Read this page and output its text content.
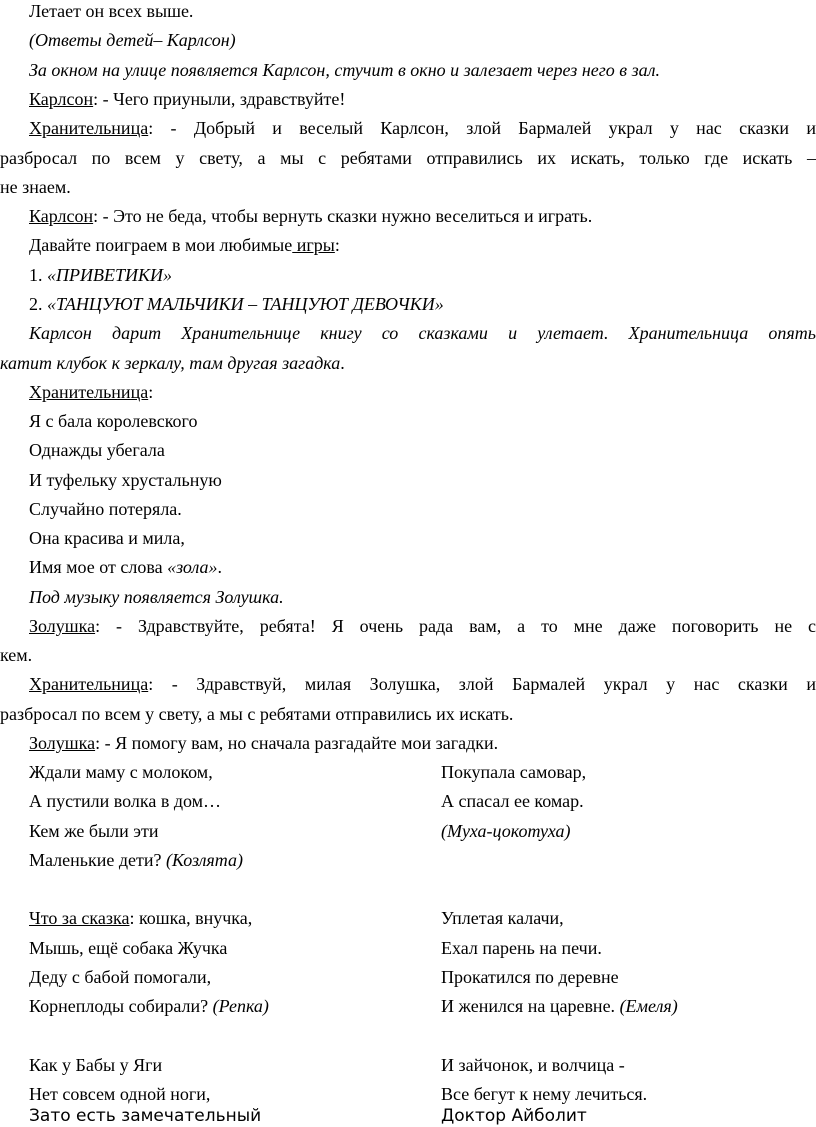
Летает он всех выше.
(Ответы детей– Карлсон)
За окном на улице появляется Карлсон, стучит в окно и залезает через него в зал.
Карлсон: - Чего приуныли, здравствуйте!
Хранительница: - Добрый и веселый Карлсон, злой Бармалей украл у нас сказки и
разбросал по всем у свету, а мы с ребятами отправились их искать, только где искать –
не знаем.
Карлсон: - Это не беда, чтобы вернуть сказки нужно веселиться и играть.
Давайте поиграем в мои любимые игры:
1. «ПРИВЕТИКИ»
2. «ТАНЦУЮТ МАЛЬЧИКИ – ТАНЦУЮТ ДЕВОЧКИ»
Карлсон дарит Хранительнице книгу со сказками и улетает. Хранительница опять
катит клубок к зеркалу, там другая загадка.
Хранительница:
Я с бала королевского
Однажды убегала
И туфельку хрустальную
Случайно потеряла.
Она красива и мила,
Имя мое от слова «зола».
Под музыку появляется Золушка.
Золушка: - Здравствуйте, ребята! Я очень рада вам, а то мне даже поговорить не с
кем.
Хранительница: - Здравствуй, милая Золушка, злой Бармалей украл у нас сказки и
разбросал по всем у свету, а мы с ребятами отправились их искать.
Золушка: - Я помогу вам, но сначала разгадайте мои загадки.
Ждали маму с молоком,
А пустили волка в дом…
Кем же были эти
Маленькие дети? (Козлята)
Покупала самовар,
А спасал ее комар.
(Муха-цокотуха)
Что за сказка: кошка, внучка,
Мышь, ещё собака Жучка
Деду с бабой помогали,
Корнеплоды собирали? (Репка)
Уплетая калачи,
Ехал парень на печи.
Прокатился по деревне
И женился на царевне. (Емеля)
Как у Бабы у Яги
Нет совсем одной ноги,
Зато есть замечательный
И зайчонок, и волчица -
Все бегут к нему лечиться.
Доктор Айболит
